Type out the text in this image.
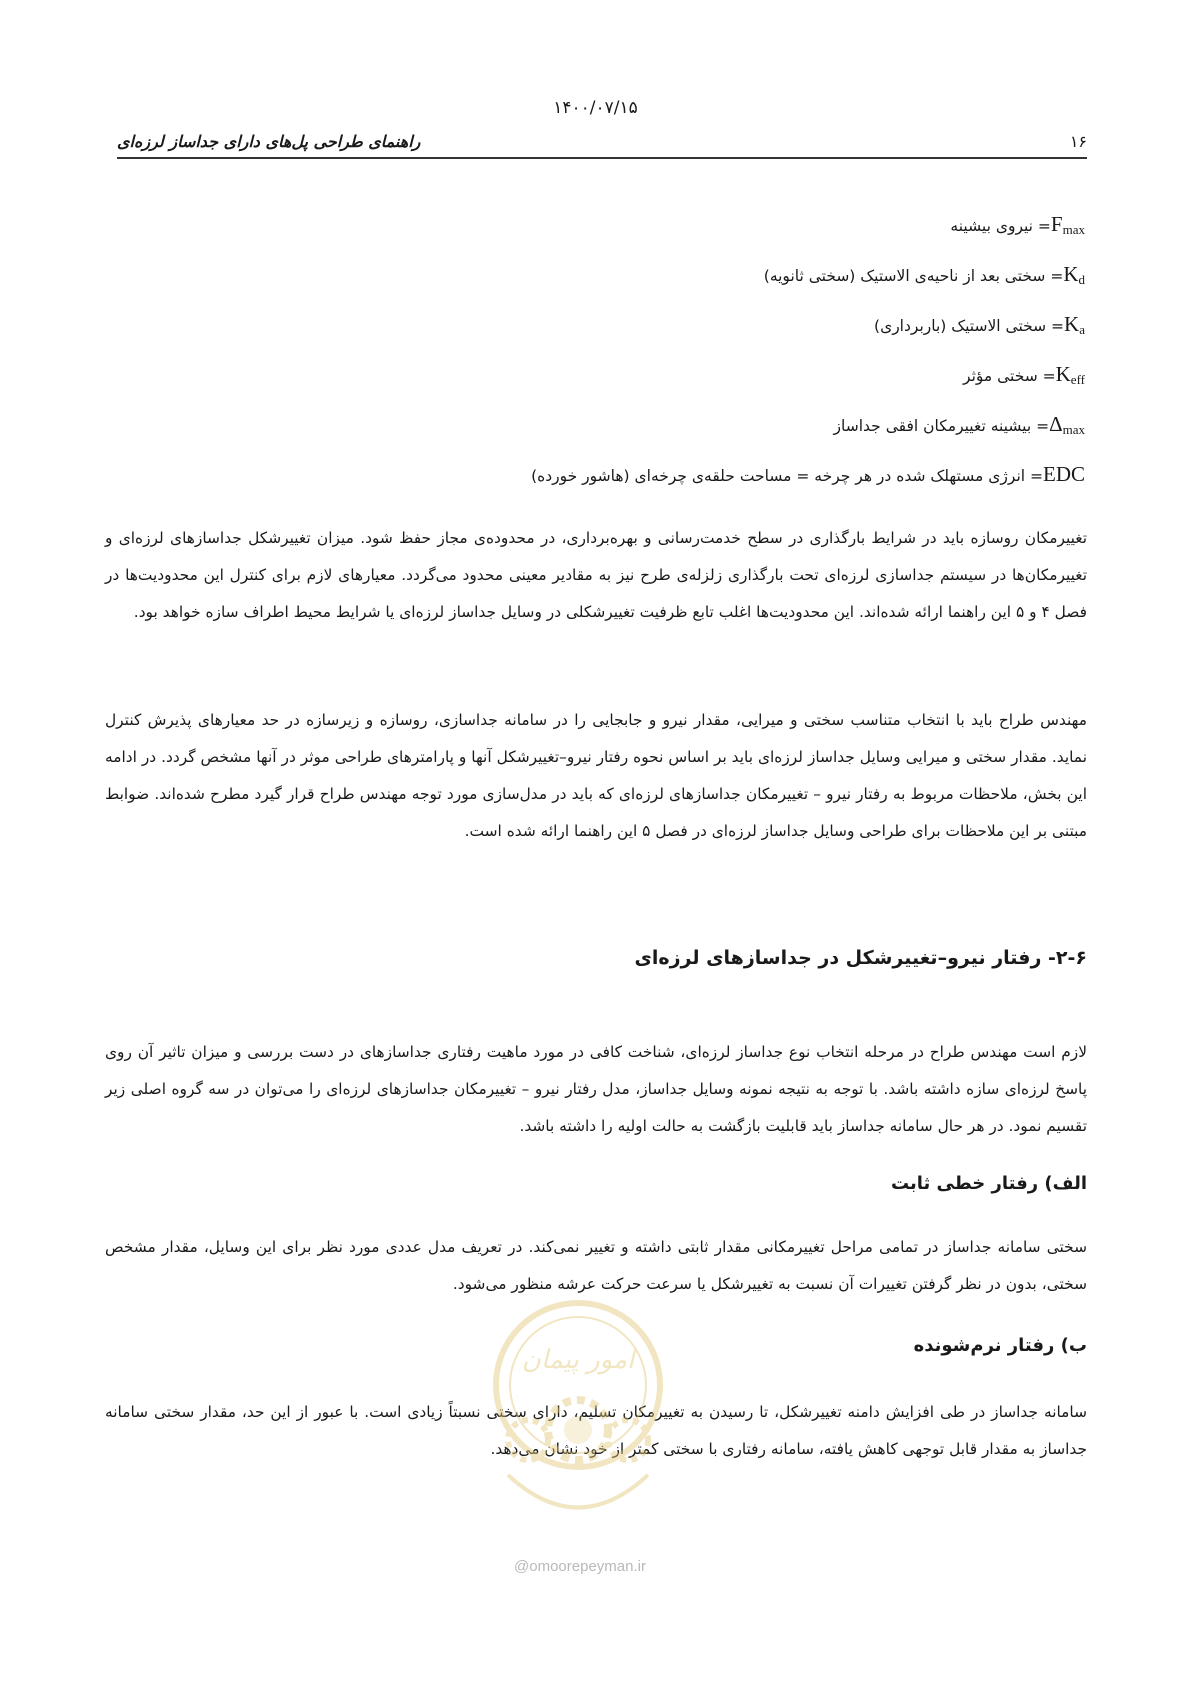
۱۴۰۰/۰۷/۱۵
راهنمای طراحی پل‌های دارای جداساز لرزه‌ای	۱۶
$F_{max}=$ نیروی بیشینه
$K_d=$ سختی بعد از ناحیه‌ی الاستیک (سختی ثانویه)
$K_a=$ سختی الاستیک (باربرداری)
$K_{eff}=$ سختی مؤثر
$\Delta_{max}=$ بیشینه تغییرمکان افقی جداساز
EDC= انرژی مستهلک شده در هر چرخه = مساحت حلقه‌ی چرخه‌ای (هاشور خورده)
تغییرمکان روسازه باید در شرایط بارگذاری در سطح خدمت‌رسانی و بهره‌برداری، در محدوده‌ی مجاز حفظ شود. میزان تغییرشکل جداسازهای لرزه‌ای و تغییرمکان‌ها در سیستم جداسازی لرزه‌ای تحت بارگذاری زلزله‌ی طرح نیز به مقادیر معینی محدود می‌گردد. معیارهای لازم برای کنترل این محدودیت‌ها در فصل ۴ و ۵ این راهنما ارائه شده‌اند. این محدودیت‌ها اغلب تابع ظرفیت تغییرشکلی در وسایل جداساز لرزه‌ای یا شرایط محیط اطراف سازه خواهد بود.
مهندس طراح باید با انتخاب متناسب سختی و میرایی، مقدار نیرو و جابجایی را در سامانه جداسازی، روسازه و زیرسازه در حد معیارهای پذیرش کنترل نماید. مقدار سختی و میرایی وسایل جداساز لرزه‌ای باید بر اساس نحوه رفتار نیرو–تغییرشکل آنها و پارامترهای طراحی موثر در آنها مشخص گردد. در ادامه این بخش، ملاحظات مربوط به رفتار نیرو – تغییرمکان جداسازهای لرزه‌ای که باید در مدل‌سازی مورد توجه مهندس طراح قرار گیرد مطرح شده‌اند. ضوابط مبتنی بر این ملاحظات برای طراحی وسایل جداساز لرزه‌ای در فصل ۵ این راهنما ارائه شده است.
۲-۶- رفتار نیرو–تغییرشکل در جداسازهای لرزه‌ای
لازم است مهندس طراح در مرحله انتخاب نوع جداساز لرزه‌ای، شناخت کافی در مورد ماهیت رفتاری جداسازهای در دست بررسی و میزان تاثیر آن روی پاسخ لرزه‌ای سازه داشته باشد. با توجه به نتیجه نمونه وسایل جداساز، مدل رفتار نیرو – تغییرمکان جداسازهای لرزه‌ای را می‌توان در سه گروه اصلی زیر تقسیم نمود. در هر حال سامانه جداساز باید قابلیت بازگشت به حالت اولیه را داشته باشد.
الف) رفتار خطی ثابت
سختی سامانه جداساز در تمامی مراحل تغییرمکانی مقدار ثابتی داشته و تغییر نمی‌کند. در تعریف مدل عددی مورد نظر برای این وسایل، مقدار مشخص سختی، بدون در نظر گرفتن تغییرات آن نسبت به تغییرشکل یا سرعت حرکت عرشه منظور می‌شود.
ب) رفتار نرم‌شونده
سامانه جداساز در طی افزایش دامنه تغییرشکل، تا رسیدن به تغییرمکان تسلیم، دارای سختی نسبتاً زیادی است. با عبور از این حد، مقدار سختی سامانه جداساز به مقدار قابل توجهی کاهش یافته، سامانه رفتاری با سختی کمتر از خود نشان می‌دهد.
امور پیمان
@omoorepeyman.ir
